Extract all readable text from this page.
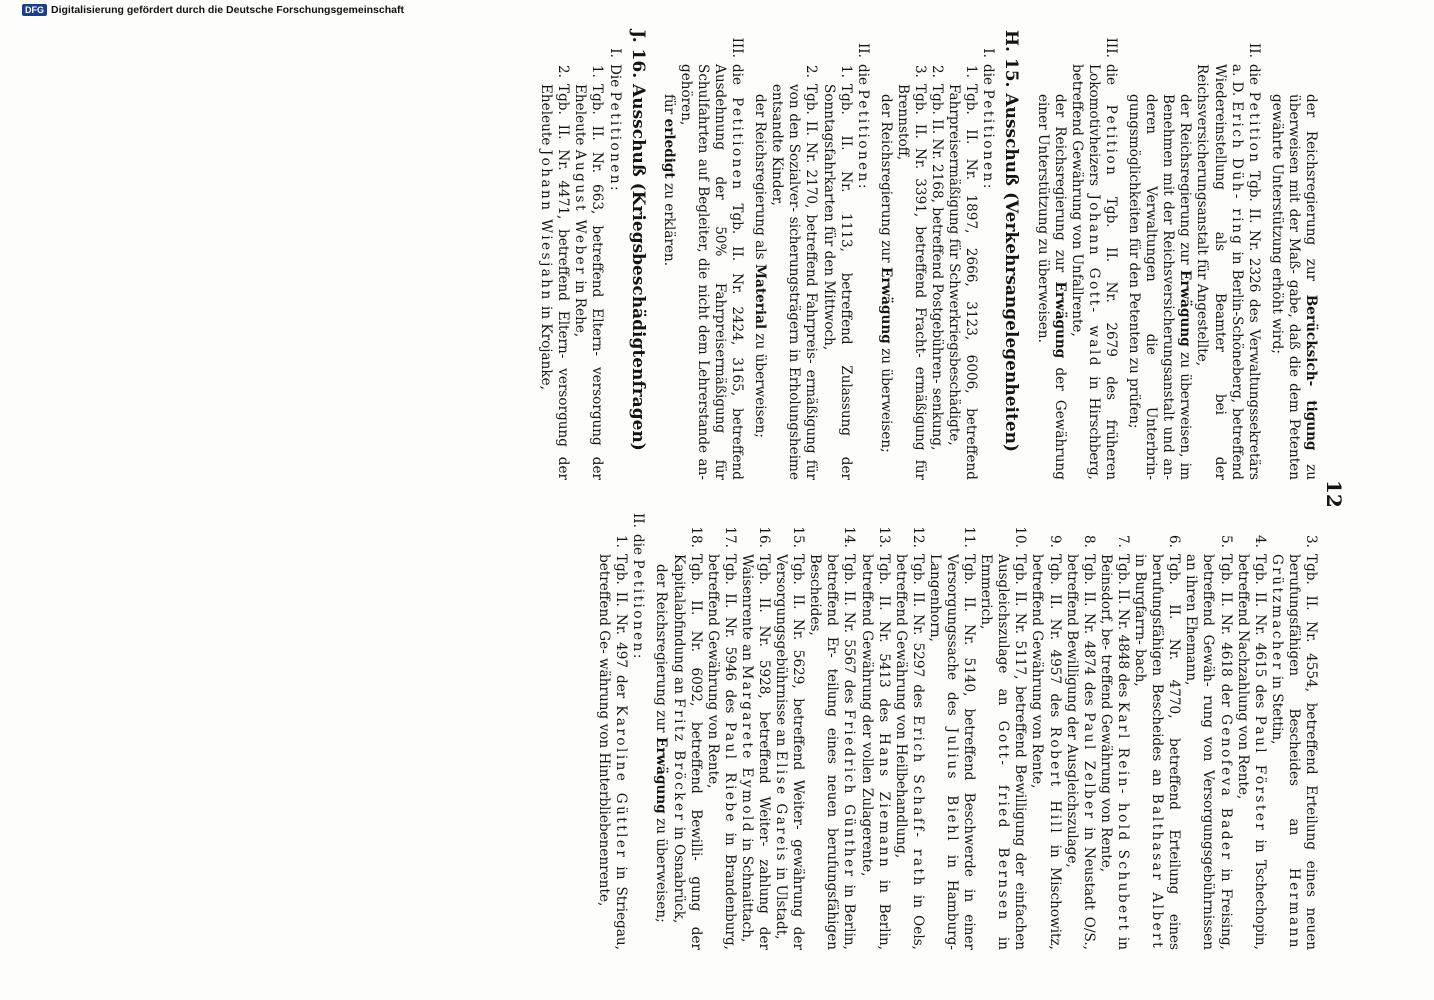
12
der Reichsregierung zur Berücksich- tigung zu überweisen mit der Maß- gabe, daß die dem Petenten gewährte Unterstützung erhöht wird;
II.
die Petition Tgb. II. Nr. 2326 des Verwaltungssekretärs a. D. Erich Düh- ring in Berlin-Schöneberg, betreffend Wiedereinstellung als Beamter bei der Reichsversicherungsanstalt für Angestellte,
der Reichsregierung zur Erwägung zu überweisen, im Benehmen mit der Reichsversicherungsanstalt und an- deren Verwaltungen die Unterbrin- gungsmöglichkeiten für den Petenten zu prüfen;
III.
die Petition Tgb. II. Nr. 2679 des früheren Lokomotivheizers Johann Gott- wald in Hirschberg, betreffend Gewährung von Unfallrente,
der Reichsregierung zur Erwägung der Gewährung einer Unterstützung zu überweisen.
H. 15. Ausschuß (Verkehrsangelegenheiten)
I.
die Petitionen:
1.
Tgb. II. Nr. 1897, 2666, 3123, 6006, betreffend Fahrpreisermäßigung für Schwerkriegsbeschädigte,
2.
Tgb. II. Nr. 2168, betreffend Postgebühren- senkung,
3.
Tgb. II. Nr. 3391, betreffend Fracht- ermäßigung für Brennstoff,
der Reichsregierung zur Erwägung zu überweisen;
II.
die Petitionen:
1.
Tgb. II. Nr. 1113, betreffend Zulassung der Sonntagsfahrkarten für den Mittwoch,
2.
Tgb. II. Nr. 2170, betreffend Fahrpreis- ermäßigung für von den Sozialver- sicherungsträgern in Erholungsheime entsandte Kinder,
der Reichsregierung als Material zu überweisen;
III.
die Petitionen Tgb. II. Nr. 2424, 3165, betreffend Ausdehnung der 50% Fahrpreisermäßigung für Schulfahrten auf Begleiter, die nicht dem Lehrerstande an- gehören,
für erledigt zu erklären.
J. 16. Ausschuß (Kriegsbeschädigtenfragen)
I.
Die Petitionen:
1.
Tgb. II. Nr. 663, betreffend Eltern- versorgung der Eheleute August Weber in Rehe,
2.
Tgb. II. Nr. 4471, betreffend Eltern- versorgung der Eheleute Johann Wiesjahn in Krojanke,
3.
Tgb. II. Nr. 4554, betreffend Erteilung eines neuen berufungsfähigen Bescheides an Hermann Grützmacher in Stettin,
4.
Tgb. II. Nr. 4615 des Paul Förster in Tschechopin, betreffend Nachzahlung von Rente,
5.
Tgb. II. Nr. 4618 der Genofeva Bader in Freising, betreffend Gewäh- rung von Versorgungsgebührnissen an ihren Ehemann,
6.
Tgb. II. Nr. 4770, betreffend Erteilung eines berufungsfähigen Bescheides an Balthasar Albert in Burgfarrn- bach,
7.
Tgb. II. Nr. 4848 des Karl Rein- hold Schubert in Beinsdorf, be- treffend Gewährung von Rente,
8.
Tgb. II. Nr. 4874 des Paul Zelber in Neustadt O/S., betreffend Bewilligung der Ausgleichszulage,
9.
Tgb. II. Nr. 4957 des Robert Hill in Mischowitz, betreffend Gewährung von Rente,
10.
Tgb. II. Nr. 5117, betreffend Bewilligung der einfachen Ausgleichszulage an Gott- fried Bernsen in Emmerich,
11.
Tgb. II. Nr. 5140, betreffend Beschwerde in einer Versorgungssache des Julius Biehl in Hamburg-Langenhorn,
12.
Tgb. II. Nr. 5297 des Erich Schaff- rath in Oels, betreffend Gewährung von Heilbehandlung,
13.
Tgb. II. Nr. 5413 des Hans Ziemann in Berlin, betreffend Gewährung der vollen Zulagerente,
14.
Tgb. II. Nr. 5567 des Friedrich Günther in Berlin, betreffend Er- teilung eines neuen berufungsfähigen Bescheides,
15.
Tgb. II. Nr. 5629, betreffend Weiter- gewährung der Versorgungsgebührnisse an Elise Gareis in Ulstadt,
16.
Tgb. II. Nr. 5928, betreffend Weiter- zahlung der Waisenrente an Margarete Eymold in Schnaittach,
17.
Tgb. II. Nr. 5946 des Paul Riebe in Brandenburg, betreffend Gewährung von Rente,
18.
Tgb. II. Nr. 6092, betreffend Bewilli- gung der Kapitalabfindung an Fritz Bröcker in Osnabrück,
der Reichsregierung zur Erwägung zu überweisen;
II.
die Petitionen:
1.
Tgb. II. Nr. 497 der Karoline Güttler in Striegau, betreffend Ge- währung von Hinterbliebenenrente,
DFG Digitalisierung gefördert durch die Deutsche Forschungsgemeinschaft
